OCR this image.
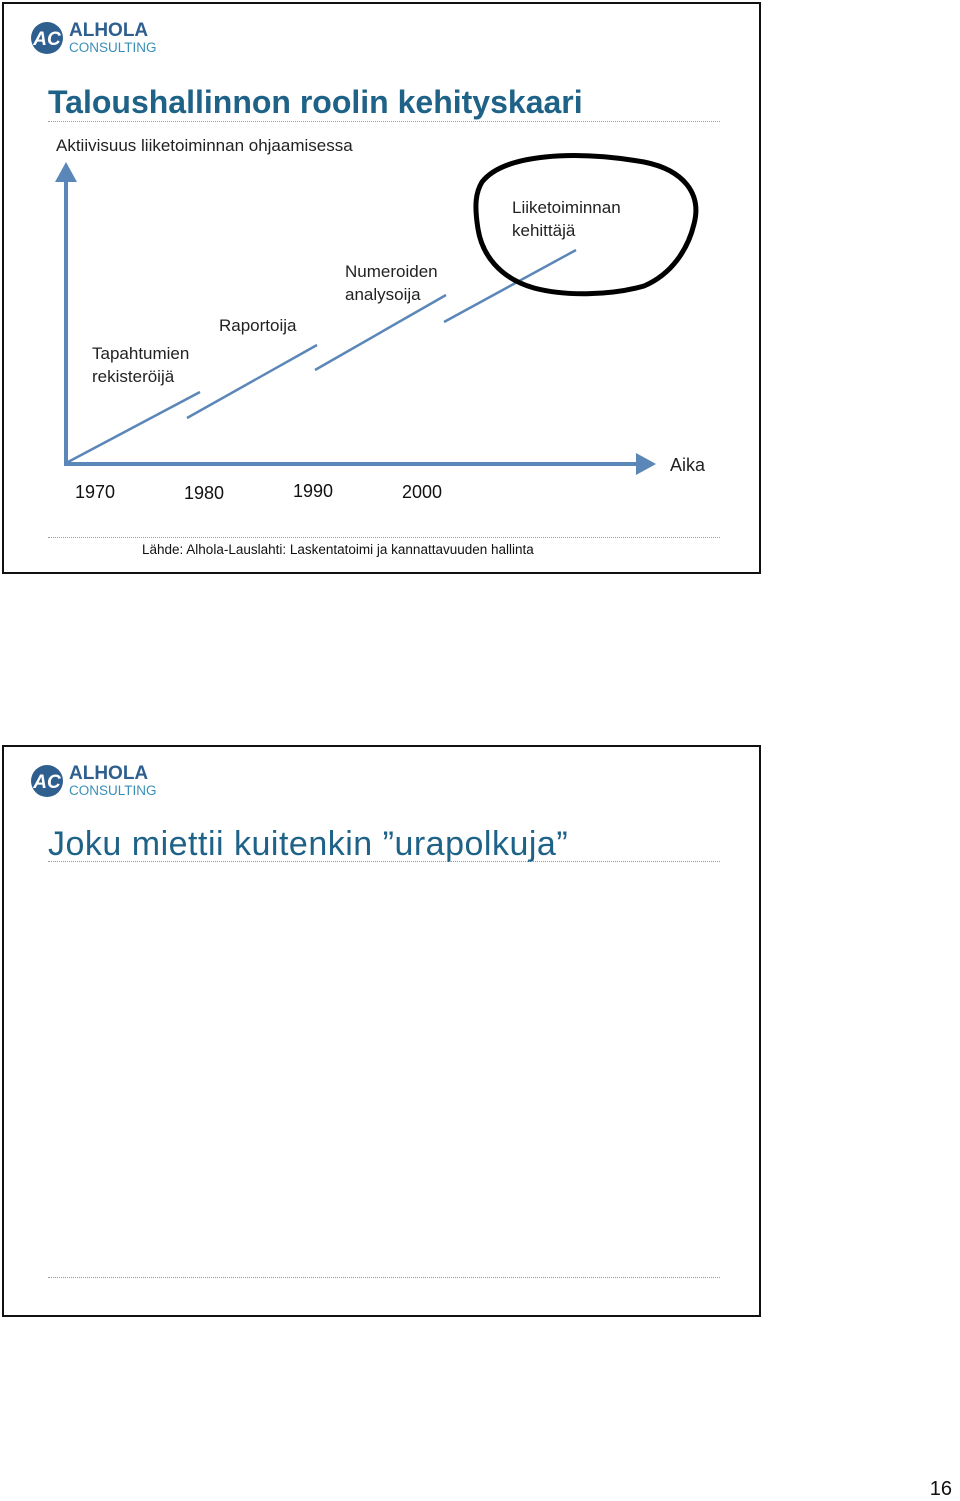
AC ALHOLA
CONSULTING
Taloushallinnon roolin kehityskaari
Aktiivisuus liiketoiminnan ohjaamisessa
Tapahtumien
rekisteröijä
Raportoija
Numeroiden
analysoija
Liiketoiminnan
kehittäjä
1970	1980	1990	2000
Aika
Lähde: Alhola-Lauslahti: Laskentatoimi ja kannattavuuden hallinta
AC ALHOLA
CONSULTING
Joku miettii kuitenkin ”urapolkuja”
16
